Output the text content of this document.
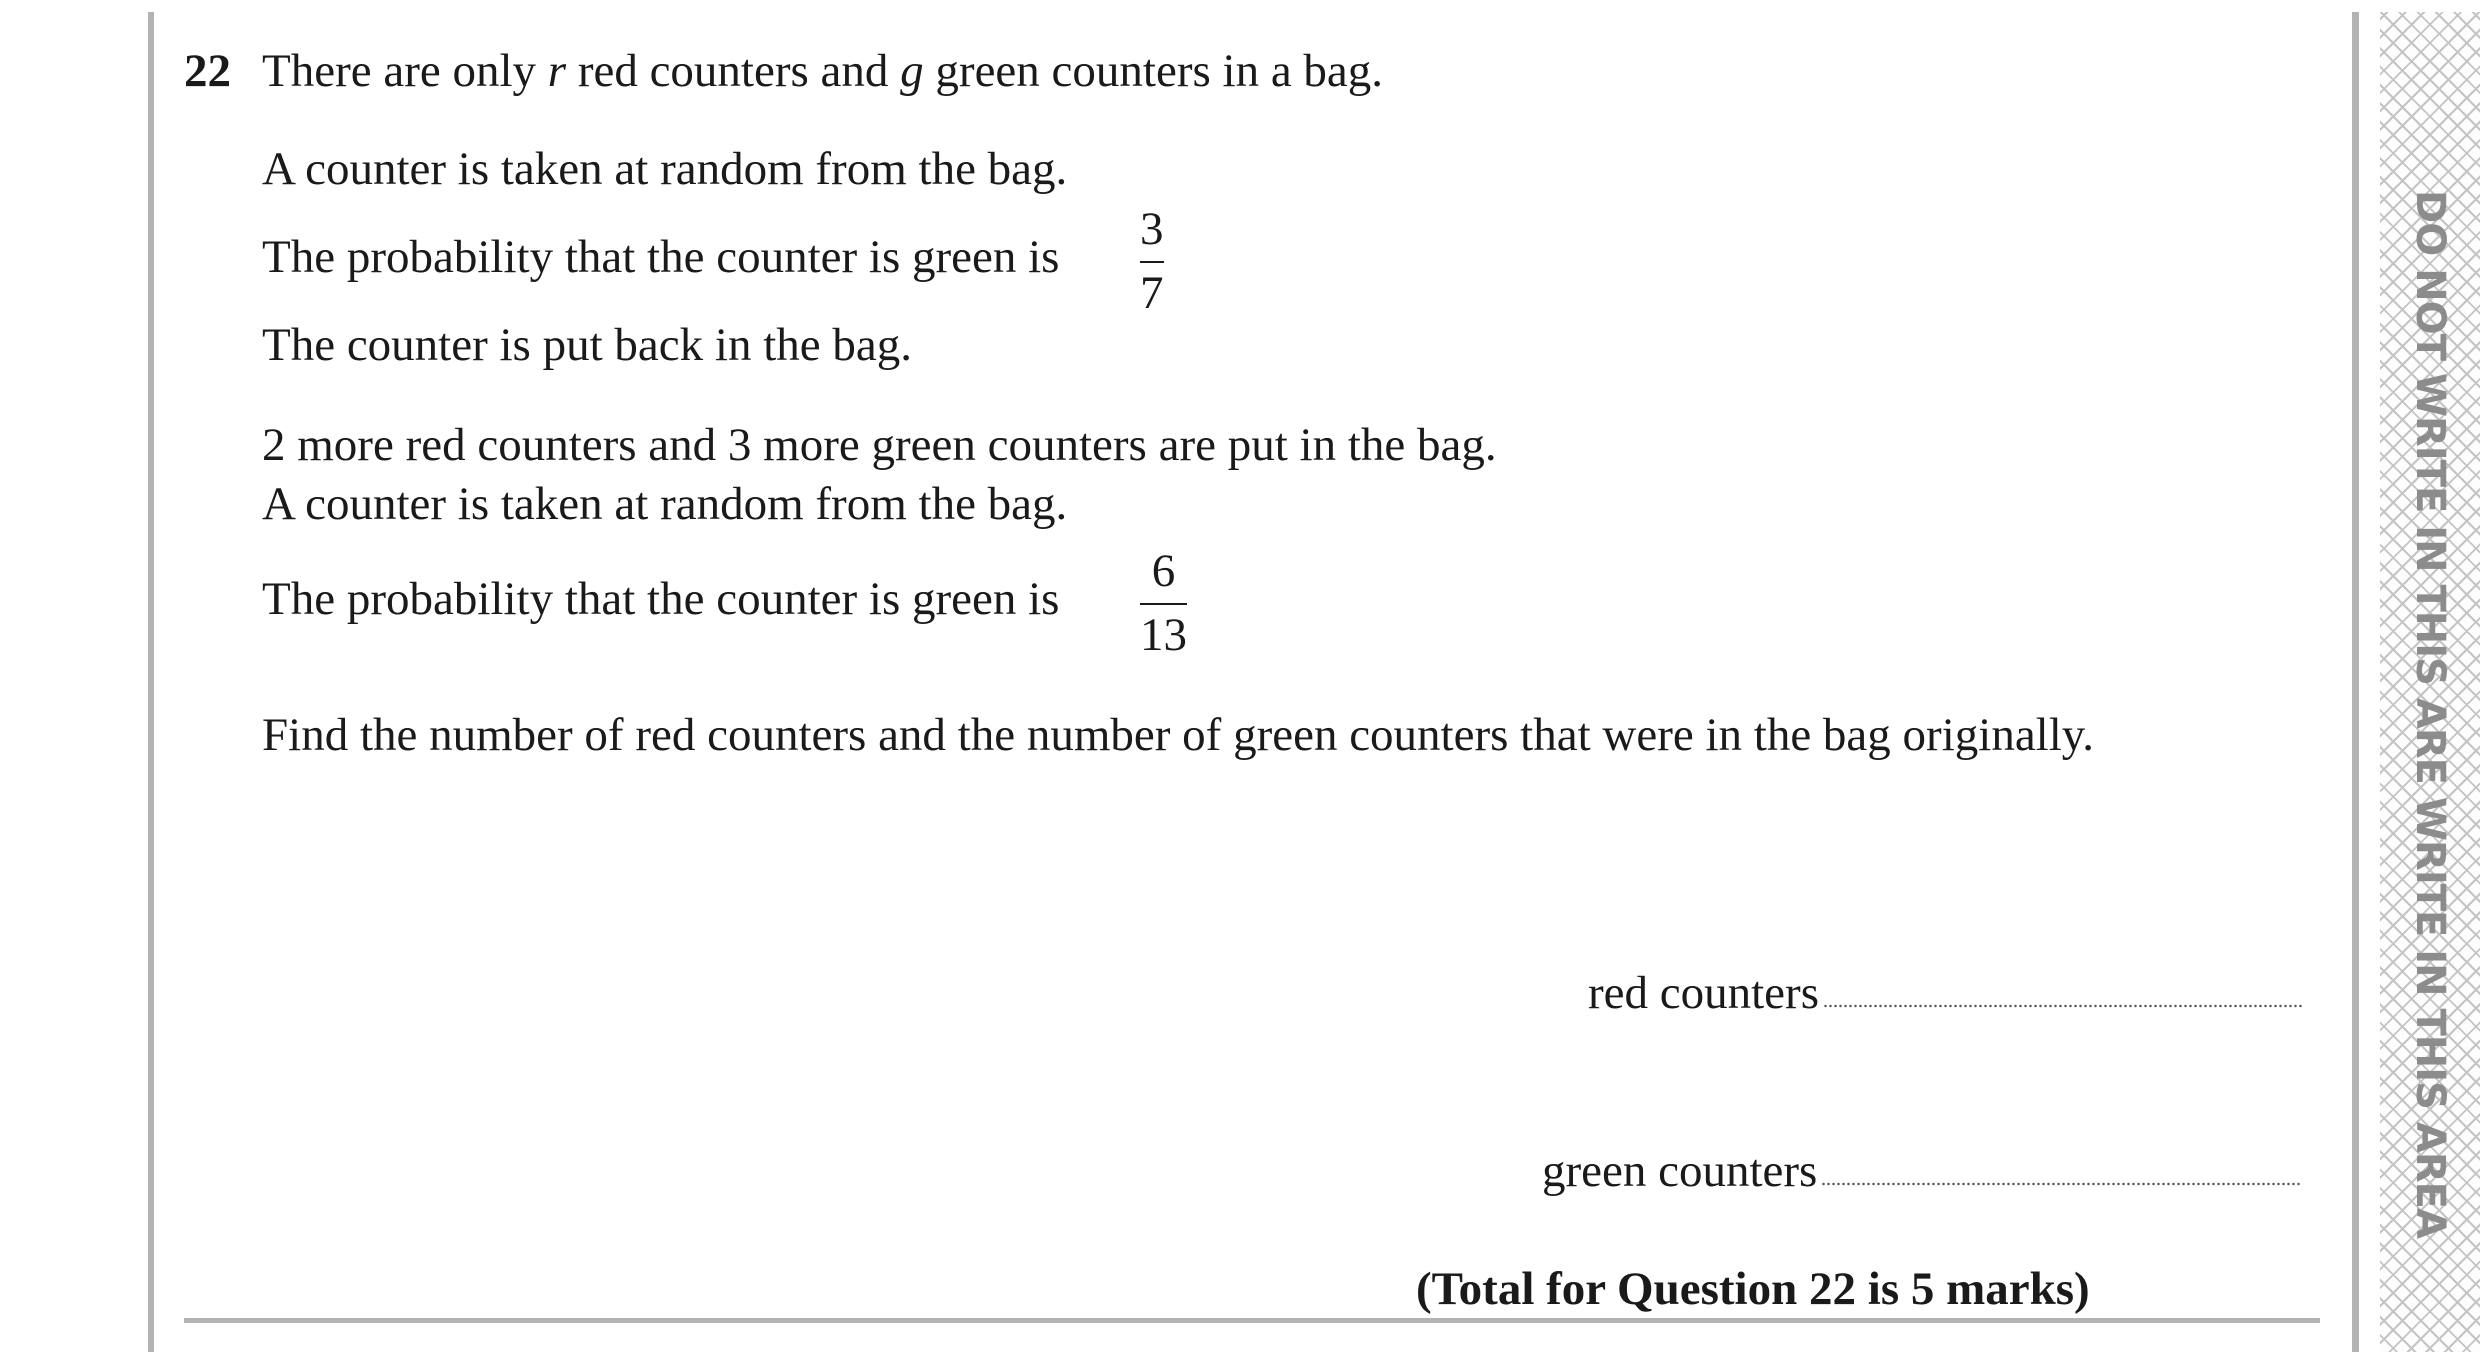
DO NOT WRITE IN THIS ARE WRITE IN THIS AREA
22 There are only r red counters and g green counters in a bag.
A counter is taken at random from the bag.
The probability that the counter is green is
3
7
The counter is put back in the bag.
2 more red counters and 3 more green counters are put in the bag.
A counter is taken at random from the bag.
The probability that the counter is green is
6
13
Find the number of red counters and the number of green counters that were in the bag originally.
red counters
green counters
(Total for Question 22 is 5 marks)
